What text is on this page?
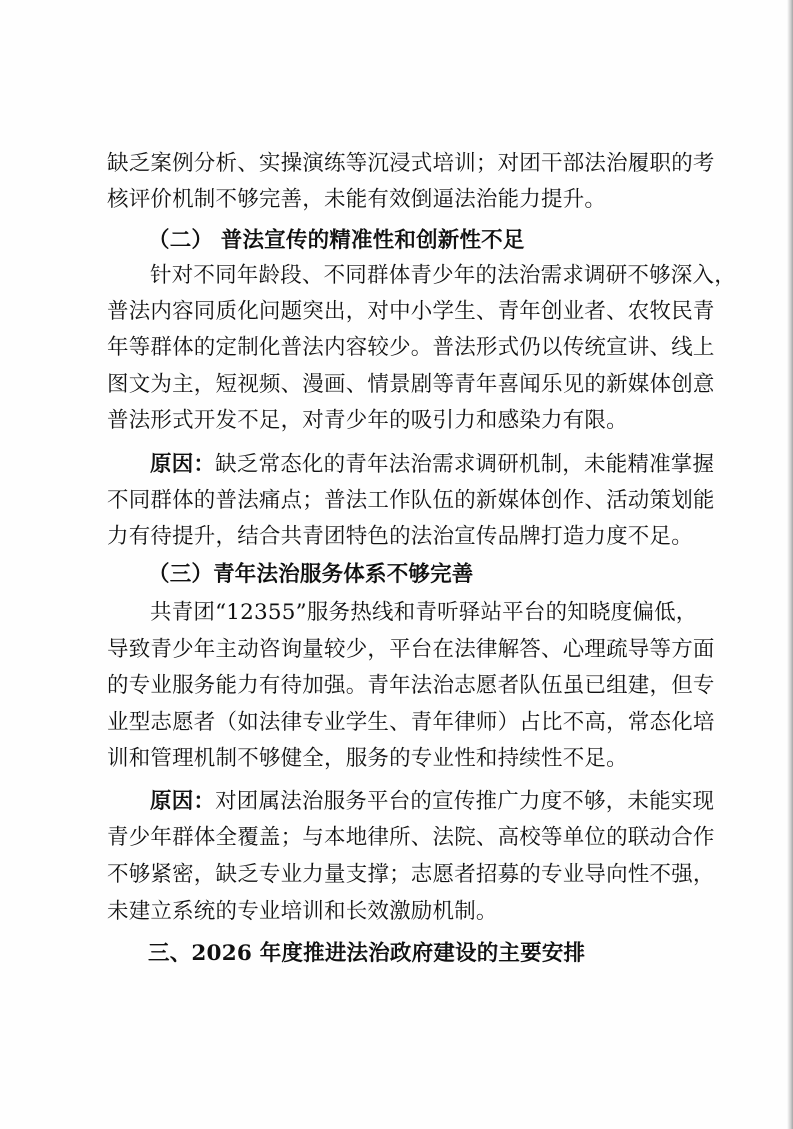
缺乏案例分析、实操演练等沉浸式培训；对团干部法治履职的考
核评价机制不够完善，未能有效倒逼法治能力提升。
（二） 普法宣传的精准性和创新性不足
针对不同年龄段、不同群体青少年的法治需求调研不够深入，
普法内容同质化问题突出，对中小学生、青年创业者、农牧民青
年等群体的定制化普法内容较少。普法形式仍以传统宣讲、线上
图文为主，短视频、漫画、情景剧等青年喜闻乐见的新媒体创意
普法形式开发不足，对青少年的吸引力和感染力有限。
原因：缺乏常态化的青年法治需求调研机制，未能精准掌握
不同群体的普法痛点；普法工作队伍的新媒体创作、活动策划能
力有待提升，结合共青团特色的法治宣传品牌打造力度不足。
（三）青年法治服务体系不够完善
共青团“12355”服务热线和青听驿站平台的知晓度偏低，
导致青少年主动咨询量较少，平台在法律解答、心理疏导等方面
的专业服务能力有待加强。青年法治志愿者队伍虽已组建，但专
业型志愿者（如法律专业学生、青年律师）占比不高，常态化培
训和管理机制不够健全，服务的专业性和持续性不足。
原因：对团属法治服务平台的宣传推广力度不够，未能实现
青少年群体全覆盖；与本地律所、法院、高校等单位的联动合作
不够紧密，缺乏专业力量支撑；志愿者招募的专业导向性不强，
未建立系统的专业培训和长效激励机制。
三、2026 年度推进法治政府建设的主要安排
